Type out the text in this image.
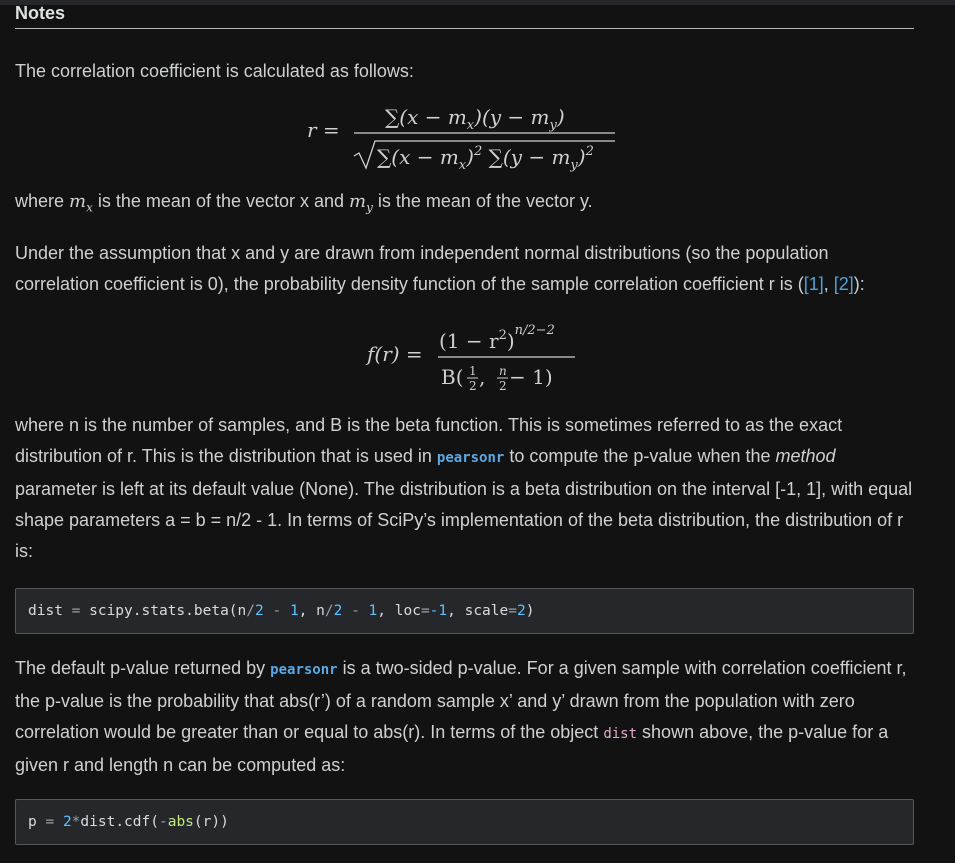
Notes

The correlation coefficient is calculated as follows:

r =
$\sum(x - m_x)(y - m_y)$
$\sum(x - m_x)^2$ $\sum(y - m_y)^2$

where $m_x$ is the mean of the vector x and $m_y$ is the mean of the vector y.

Under the assumption that x and y are drawn from independent normal distributions (so the population correlation coefficient is 0), the probability density function of the sample correlation coefficient r is ([1], [2]):

f(r) =
$(1 - r^2)^{n/2-2}$
B( 1
2 , n
2 − 1)

where n is the number of samples, and B is the beta function. This is sometimes referred to as the exact distribution of r. This is the distribution that is used in pearsonr to compute the p-value when the method parameter is left at its default value (None). The distribution is a beta distribution on the interval [-1, 1], with equal shape parameters a = b = n/2 - 1. In terms of SciPy’s implementation of the beta distribution, the distribution of r is:

dist = scipy.stats.beta(n/2 - 1, n/2 - 1, loc=-1, scale=2)

The default p-value returned by pearsonr is a two-sided p-value. For a given sample with correlation coefficient r, the p-value is the probability that abs(r’) of a random sample x’ and y’ drawn from the population with zero correlation would be greater than or equal to abs(r). In terms of the object dist shown above, the p-value for a given r and length n can be computed as:

p = 2*dist.cdf(-abs(r))
